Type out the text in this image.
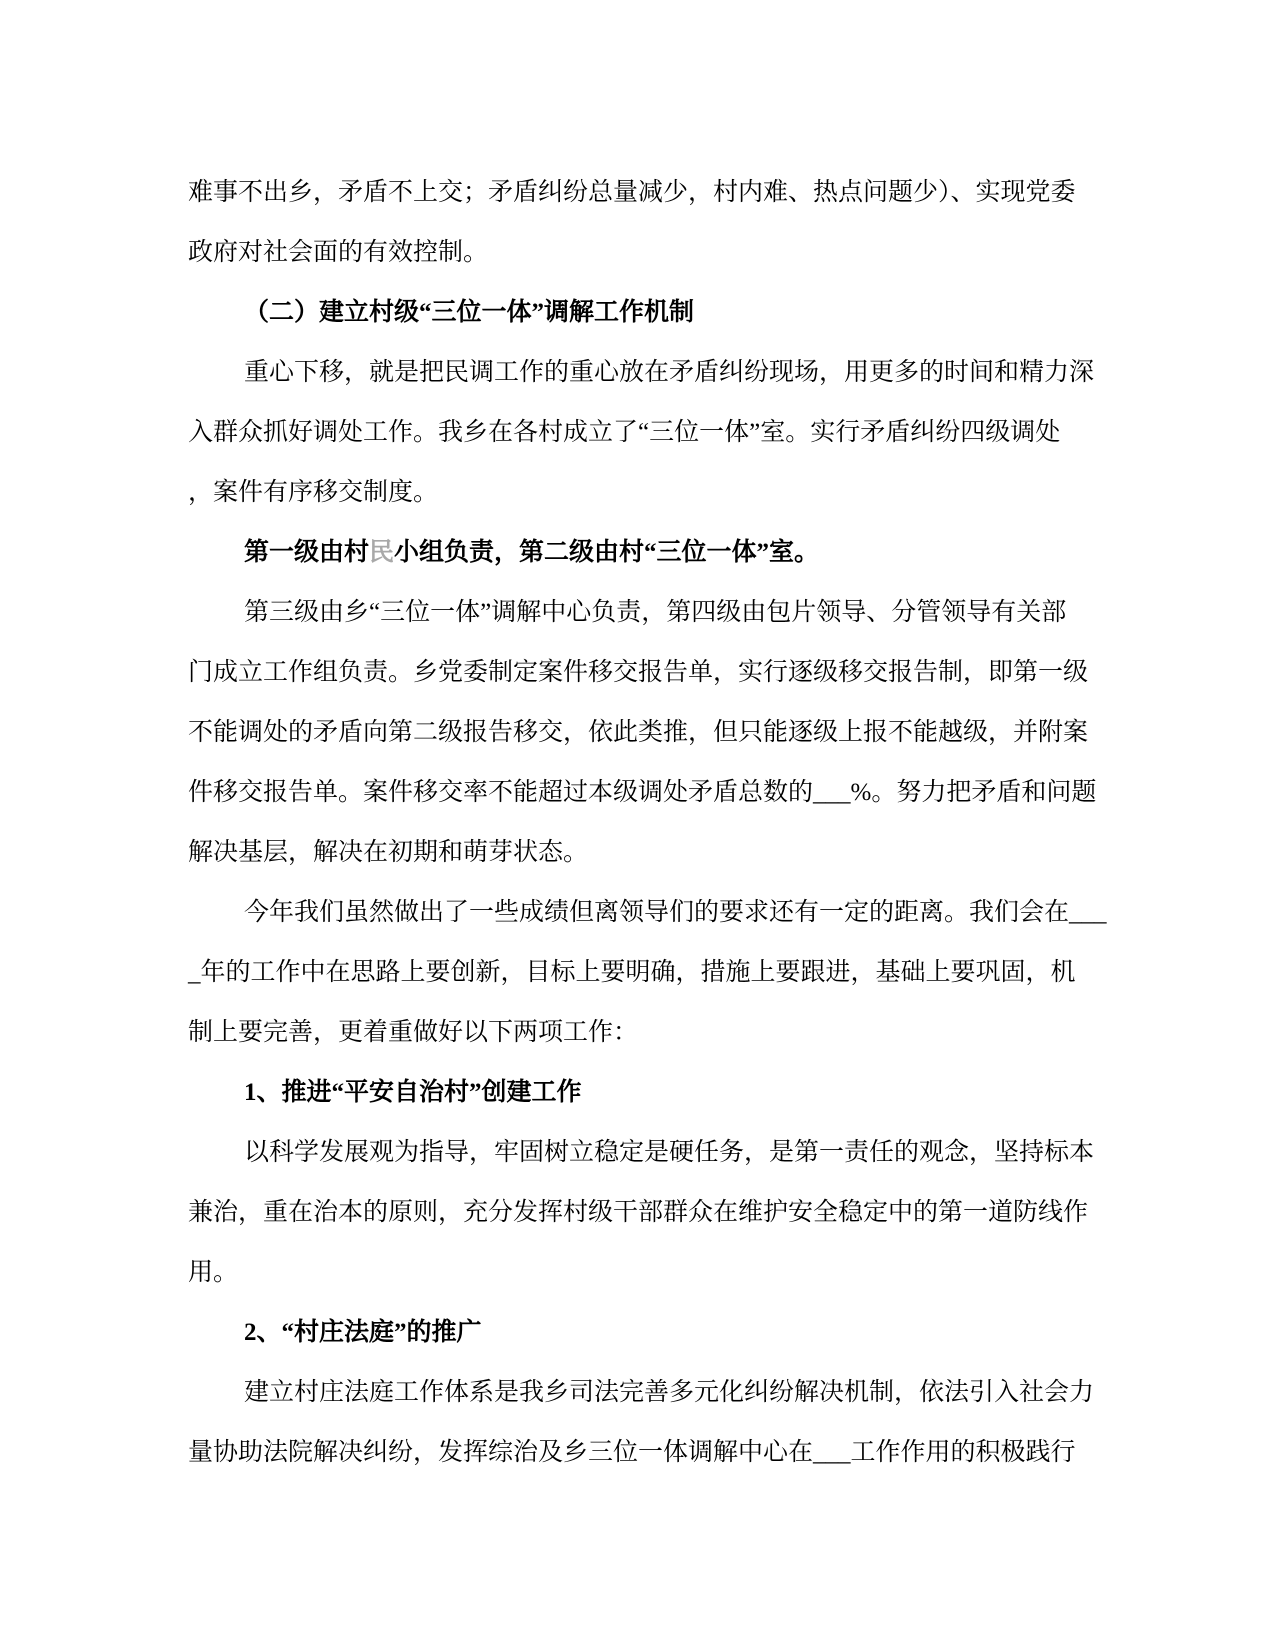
难事不出乡，矛盾不上交；矛盾纠纷总量减少，村内难、热点问题少）、实现党委
政府对社会面的有效控制。
（二）建立村级“三位一体”调解工作机制
重心下移，就是把民调工作的重心放在矛盾纠纷现场，用更多的时间和精力深
入群众抓好调处工作。我乡在各村成立了“三位一体”室。实行矛盾纠纷四级调处
，案件有序移交制度。
第一级由村民小组负责，第二级由村“三位一体”室。
第三级由乡“三位一体”调解中心负责，第四级由包片领导、分管领导有关部
门成立工作组负责。乡党委制定案件移交报告单，实行逐级移交报告制，即第一级
不能调处的矛盾向第二级报告移交，依此类推，但只能逐级上报不能越级，并附案
件移交报告单。案件移交率不能超过本级调处矛盾总数的___%。努力把矛盾和问题
解决基层，解决在初期和萌芽状态。
今年我们虽然做出了一些成绩但离领导们的要求还有一定的距离。我们会在___
_年的工作中在思路上要创新，目标上要明确，措施上要跟进，基础上要巩固，机
制上要完善，更着重做好以下两项工作：
1、推进“平安自治村”创建工作
以科学发展观为指导，牢固树立稳定是硬任务，是第一责任的观念，坚持标本
兼治，重在治本的原则，充分发挥村级干部群众在维护安全稳定中的第一道防线作
用。
2、“村庄法庭”的推广
建立村庄法庭工作体系是我乡司法完善多元化纠纷解决机制，依法引入社会力
量协助法院解决纠纷，发挥综治及乡三位一体调解中心在___工作作用的积极践行
